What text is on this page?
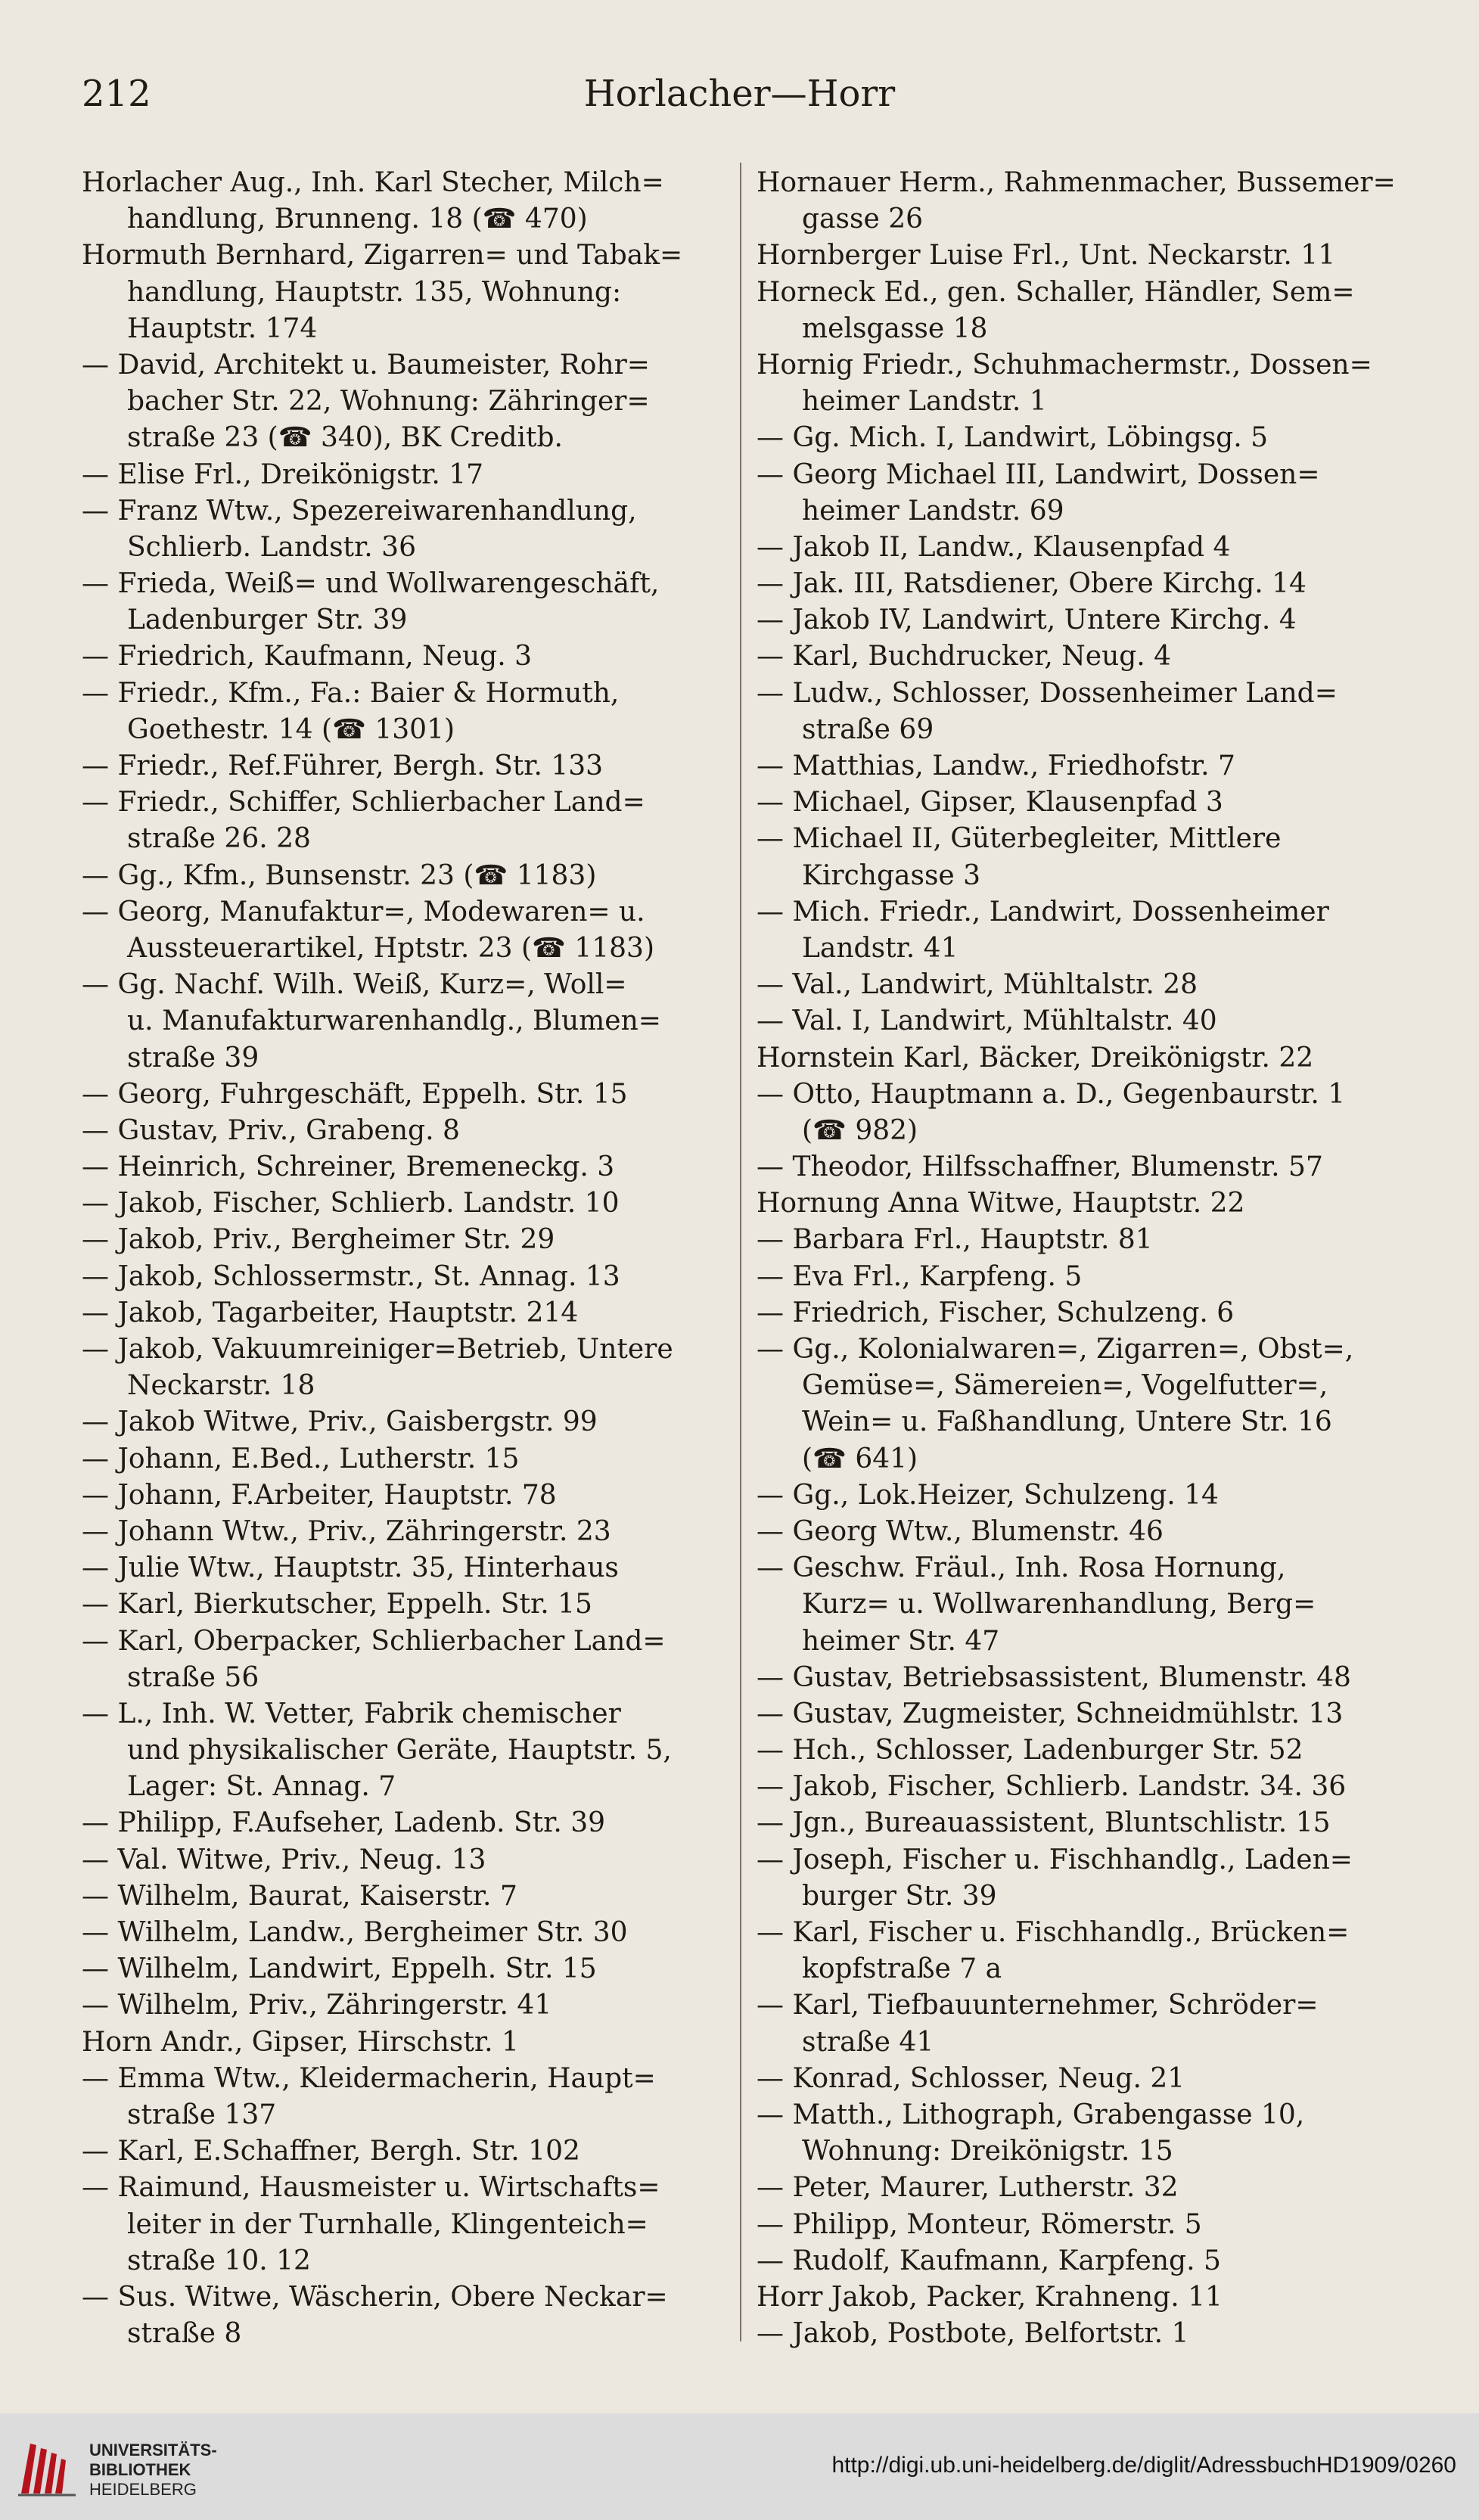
212	Horlacher—Horr
Horlacher Aug., Inh. Karl Stecher, Milch=
handlung, Brunneng. 18 (☎ 470)
Hormuth Bernhard, Zigarren= und Tabak=
handlung, Hauptstr. 135, Wohnung:
Hauptstr. 174
— David, Architekt u. Baumeister, Rohr=
bacher Str. 22, Wohnung: Zähringer=
straße 23 (☎ 340), BK Creditb.
— Elise Frl., Dreikönigstr. 17
— Franz Wtw., Spezereiwarenhandlung,
Schlierb. Landstr. 36
— Frieda, Weiß= und Wollwarengeschäft,
Ladenburger Str. 39
— Friedrich, Kaufmann, Neug. 3
— Friedr., Kfm., Fa.: Baier & Hormuth,
Goethestr. 14 (☎ 1301)
— Friedr., Ref.Führer, Bergh. Str. 133
— Friedr., Schiffer, Schlierbacher Land=
straße 26. 28
— Gg., Kfm., Bunsenstr. 23 (☎ 1183)
— Georg, Manufaktur=, Modewaren= u.
Aussteuerartikel, Hptstr. 23 (☎ 1183)
— Gg. Nachf. Wilh. Weiß, Kurz=, Woll=
u. Manufakturwarenhandlg., Blumen=
straße 39
— Georg, Fuhrgeschäft, Eppelh. Str. 15
— Gustav, Priv., Grabeng. 8
— Heinrich, Schreiner, Bremeneckg. 3
— Jakob, Fischer, Schlierb. Landstr. 10
— Jakob, Priv., Bergheimer Str. 29
— Jakob, Schlossermstr., St. Annag. 13
— Jakob, Tagarbeiter, Hauptstr. 214
— Jakob, Vakuumreiniger=Betrieb, Untere
Neckarstr. 18
— Jakob Witwe, Priv., Gaisbergstr. 99
— Johann, E.Bed., Lutherstr. 15
— Johann, F.Arbeiter, Hauptstr. 78
— Johann Wtw., Priv., Zähringerstr. 23
— Julie Wtw., Hauptstr. 35, Hinterhaus
— Karl, Bierkutscher, Eppelh. Str. 15
— Karl, Oberpacker, Schlierbacher Land=
straße 56
— L., Inh. W. Vetter, Fabrik chemischer
und physikalischer Geräte, Hauptstr. 5,
Lager: St. Annag. 7
— Philipp, F.Aufseher, Ladenb. Str. 39
— Val. Witwe, Priv., Neug. 13
— Wilhelm, Baurat, Kaiserstr. 7
— Wilhelm, Landw., Bergheimer Str. 30
— Wilhelm, Landwirt, Eppelh. Str. 15
— Wilhelm, Priv., Zähringerstr. 41
Horn Andr., Gipser, Hirschstr. 1
— Emma Wtw., Kleidermacherin, Haupt=
straße 137
— Karl, E.Schaffner, Bergh. Str. 102
— Raimund, Hausmeister u. Wirtschafts=
leiter in der Turnhalle, Klingenteich=
straße 10. 12
— Sus. Witwe, Wäscherin, Obere Neckar=
straße 8
Hornauer Herm., Rahmenmacher, Bussemer=
gasse 26
Hornberger Luise Frl., Unt. Neckarstr. 11
Horneck Ed., gen. Schaller, Händler, Sem=
melsgasse 18
Hornig Friedr., Schuhmachermstr., Dossen=
heimer Landstr. 1
— Gg. Mich. I, Landwirt, Löbingsg. 5
— Georg Michael III, Landwirt, Dossen=
heimer Landstr. 69
— Jakob II, Landw., Klausenpfad 4
— Jak. III, Ratsdiener, Obere Kirchg. 14
— Jakob IV, Landwirt, Untere Kirchg. 4
— Karl, Buchdrucker, Neug. 4
— Ludw., Schlosser, Dossenheimer Land=
straße 69
— Matthias, Landw., Friedhofstr. 7
— Michael, Gipser, Klausenpfad 3
— Michael II, Güterbegleiter, Mittlere
Kirchgasse 3
— Mich. Friedr., Landwirt, Dossenheimer
Landstr. 41
— Val., Landwirt, Mühltalstr. 28
— Val. I, Landwirt, Mühltalstr. 40
Hornstein Karl, Bäcker, Dreikönigstr. 22
— Otto, Hauptmann a. D., Gegenbaurstr. 1
(☎ 982)
— Theodor, Hilfsschaffner, Blumenstr. 57
Hornung Anna Witwe, Hauptstr. 22
— Barbara Frl., Hauptstr. 81
— Eva Frl., Karpfeng. 5
— Friedrich, Fischer, Schulzeng. 6
— Gg., Kolonialwaren=, Zigarren=, Obst=,
Gemüse=, Sämereien=, Vogelfutter=,
Wein= u. Faßhandlung, Untere Str. 16
(☎ 641)
— Gg., Lok.Heizer, Schulzeng. 14
— Georg Wtw., Blumenstr. 46
— Geschw. Fräul., Inh. Rosa Hornung,
Kurz= u. Wollwarenhandlung, Berg=
heimer Str. 47
— Gustav, Betriebsassistent, Blumenstr. 48
— Gustav, Zugmeister, Schneidmühlstr. 13
— Hch., Schlosser, Ladenburger Str. 52
— Jakob, Fischer, Schlierb. Landstr. 34. 36
— Jgn., Bureauassistent, Bluntschlistr. 15
— Joseph, Fischer u. Fischhandlg., Laden=
burger Str. 39
— Karl, Fischer u. Fischhandlg., Brücken=
kopfstraße 7 a
— Karl, Tiefbauunternehmer, Schröder=
straße 41
— Konrad, Schlosser, Neug. 21
— Matth., Lithograph, Grabengasse 10,
Wohnung: Dreikönigstr. 15
— Peter, Maurer, Lutherstr. 32
— Philipp, Monteur, Römerstr. 5
— Rudolf, Kaufmann, Karpfeng. 5
Horr Jakob, Packer, Krahneng. 11
— Jakob, Postbote, Belfortstr. 1
UNIVERSITÄTS-
BIBLIOTHEK
HEIDELBERG
http://digi.ub.uni-heidelberg.de/diglit/AdressbuchHD1909/0260
